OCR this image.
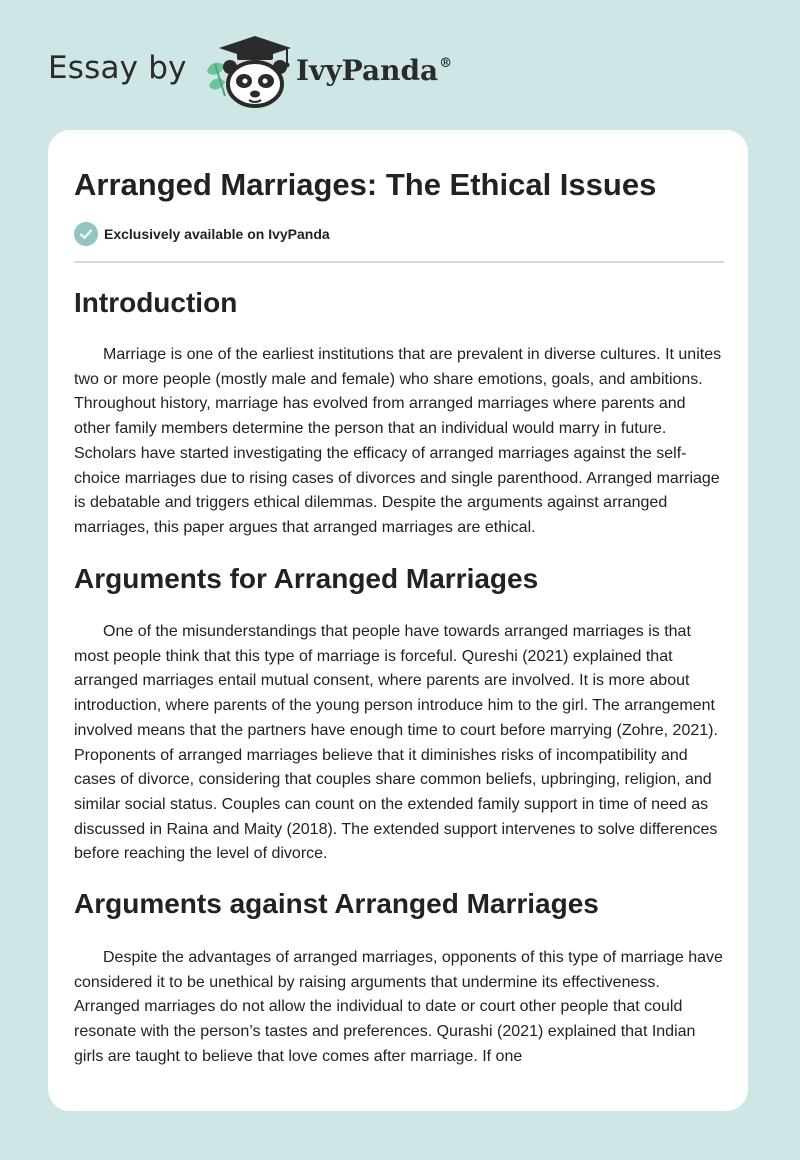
Essay by	IvyPanda®
Arranged Marriages: The Ethical Issues
Exclusively available on IvyPanda
Introduction

Marriage is one of the earliest institutions that are prevalent in diverse cultures. It unites two or more people (mostly male and female) who share emotions, goals, and ambitions. Throughout history, marriage has evolved from arranged marriages where parents and other family members determine the person that an individual would marry in future. Scholars have started investigating the efficacy of arranged marriages against the self-choice marriages due to rising cases of divorces and single parenthood. Arranged marriage is debatable and triggers ethical dilemmas. Despite the arguments against arranged marriages, this paper argues that arranged marriages are ethical.

Arguments for Arranged Marriages

One of the misunderstandings that people have towards arranged marriages is that most people think that this type of marriage is forceful. Qureshi (2021) explained that arranged marriages entail mutual consent, where parents are involved. It is more about introduction, where parents of the young person introduce him to the girl. The arrangement involved means that the partners have enough time to court before marrying (Zohre, 2021). Proponents of arranged marriages believe that it diminishes risks of incompatibility and cases of divorce, considering that couples share common beliefs, upbringing, religion, and similar social status. Couples can count on the extended family support in time of need as discussed in Raina and Maity (2018). The extended support intervenes to solve differences before reaching the level of divorce.

Arguments against Arranged Marriages

Despite the advantages of arranged marriages, opponents of this type of marriage have considered it to be unethical by raising arguments that undermine its effectiveness. Arranged marriages do not allow the individual to date or court other people that could resonate with the person’s tastes and preferences. Qurashi (2021) explained that Indian girls are taught to believe that love comes after marriage. If one
